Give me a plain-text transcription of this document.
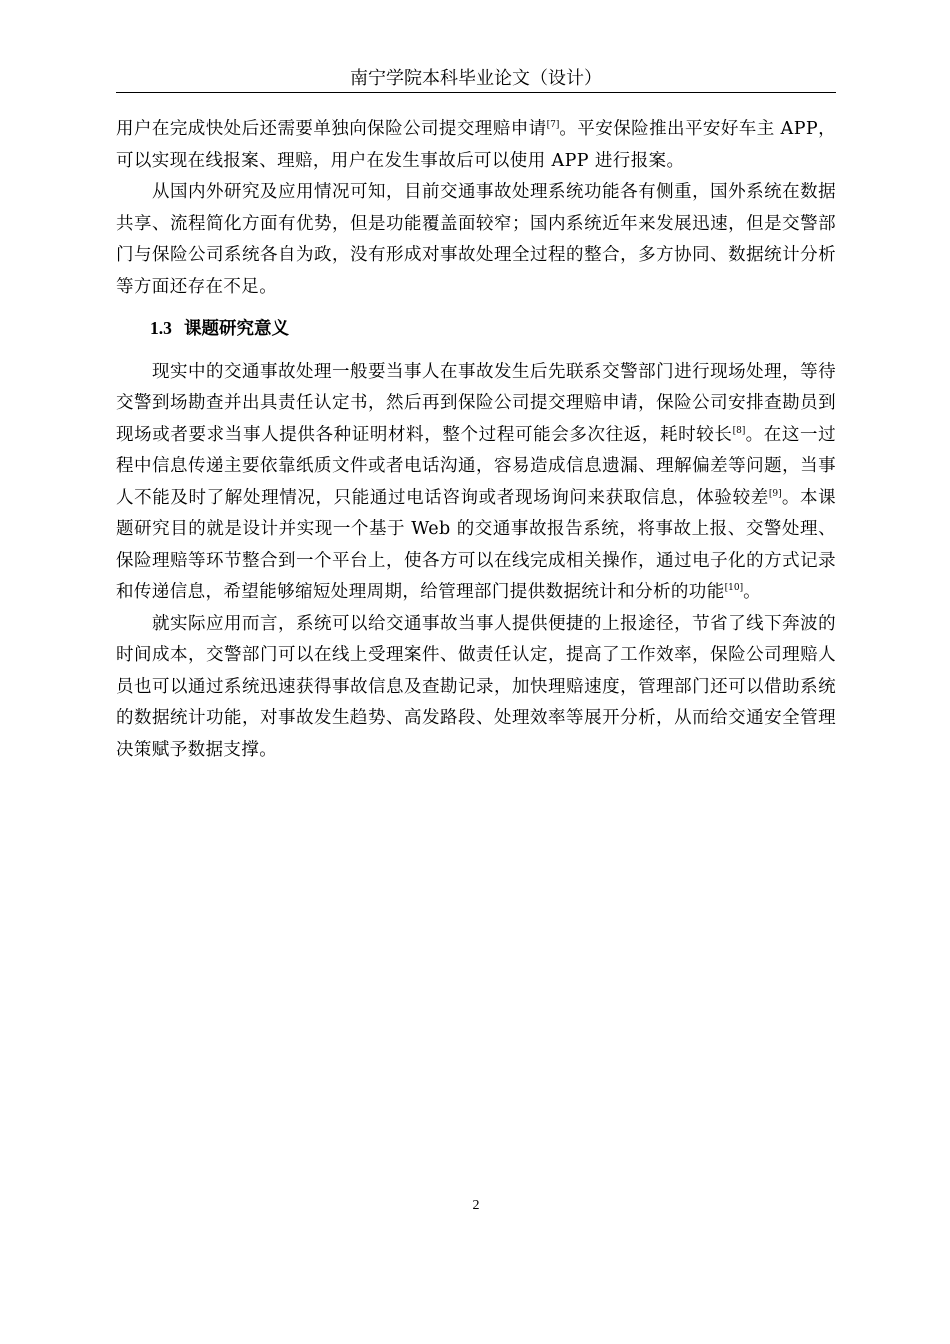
南宁学院本科毕业论文（设计）

用户在完成快处后还需要单独向保险公司提交理赔申请[7]。平安保险推出平安好车主 APP，可以实现在线报案、理赔，用户在发生事故后可以使用 APP 进行报案。

从国内外研究及应用情况可知，目前交通事故处理系统功能各有侧重，国外系统在数据共享、流程简化方面有优势，但是功能覆盖面较窄；国内系统近年来发展迅速，但是交警部门与保险公司系统各自为政，没有形成对事故处理全过程的整合，多方协同、数据统计分析等方面还存在不足。

1.3 课题研究意义

现实中的交通事故处理一般要当事人在事故发生后先联系交警部门进行现场处理，等待交警到场勘查并出具责任认定书，然后再到保险公司提交理赔申请，保险公司安排查勘员到现场或者要求当事人提供各种证明材料，整个过程可能会多次往返，耗时较长[8]。在这一过程中信息传递主要依靠纸质文件或者电话沟通，容易造成信息遗漏、理解偏差等问题，当事人不能及时了解处理情况，只能通过电话咨询或者现场询问来获取信息，体验较差[9]。本课题研究目的就是设计并实现一个基于 Web 的交通事故报告系统，将事故上报、交警处理、保险理赔等环节整合到一个平台上，使各方可以在线完成相关操作，通过电子化的方式记录和传递信息，希望能够缩短处理周期，给管理部门提供数据统计和分析的功能[10]。

就实际应用而言，系统可以给交通事故当事人提供便捷的上报途径，节省了线下奔波的时间成本，交警部门可以在线上受理案件、做责任认定，提高了工作效率，保险公司理赔人员也可以通过系统迅速获得事故信息及查勘记录，加快理赔速度，管理部门还可以借助系统的数据统计功能，对事故发生趋势、高发路段、处理效率等展开分析，从而给交通安全管理决策赋予数据支撑。

2
